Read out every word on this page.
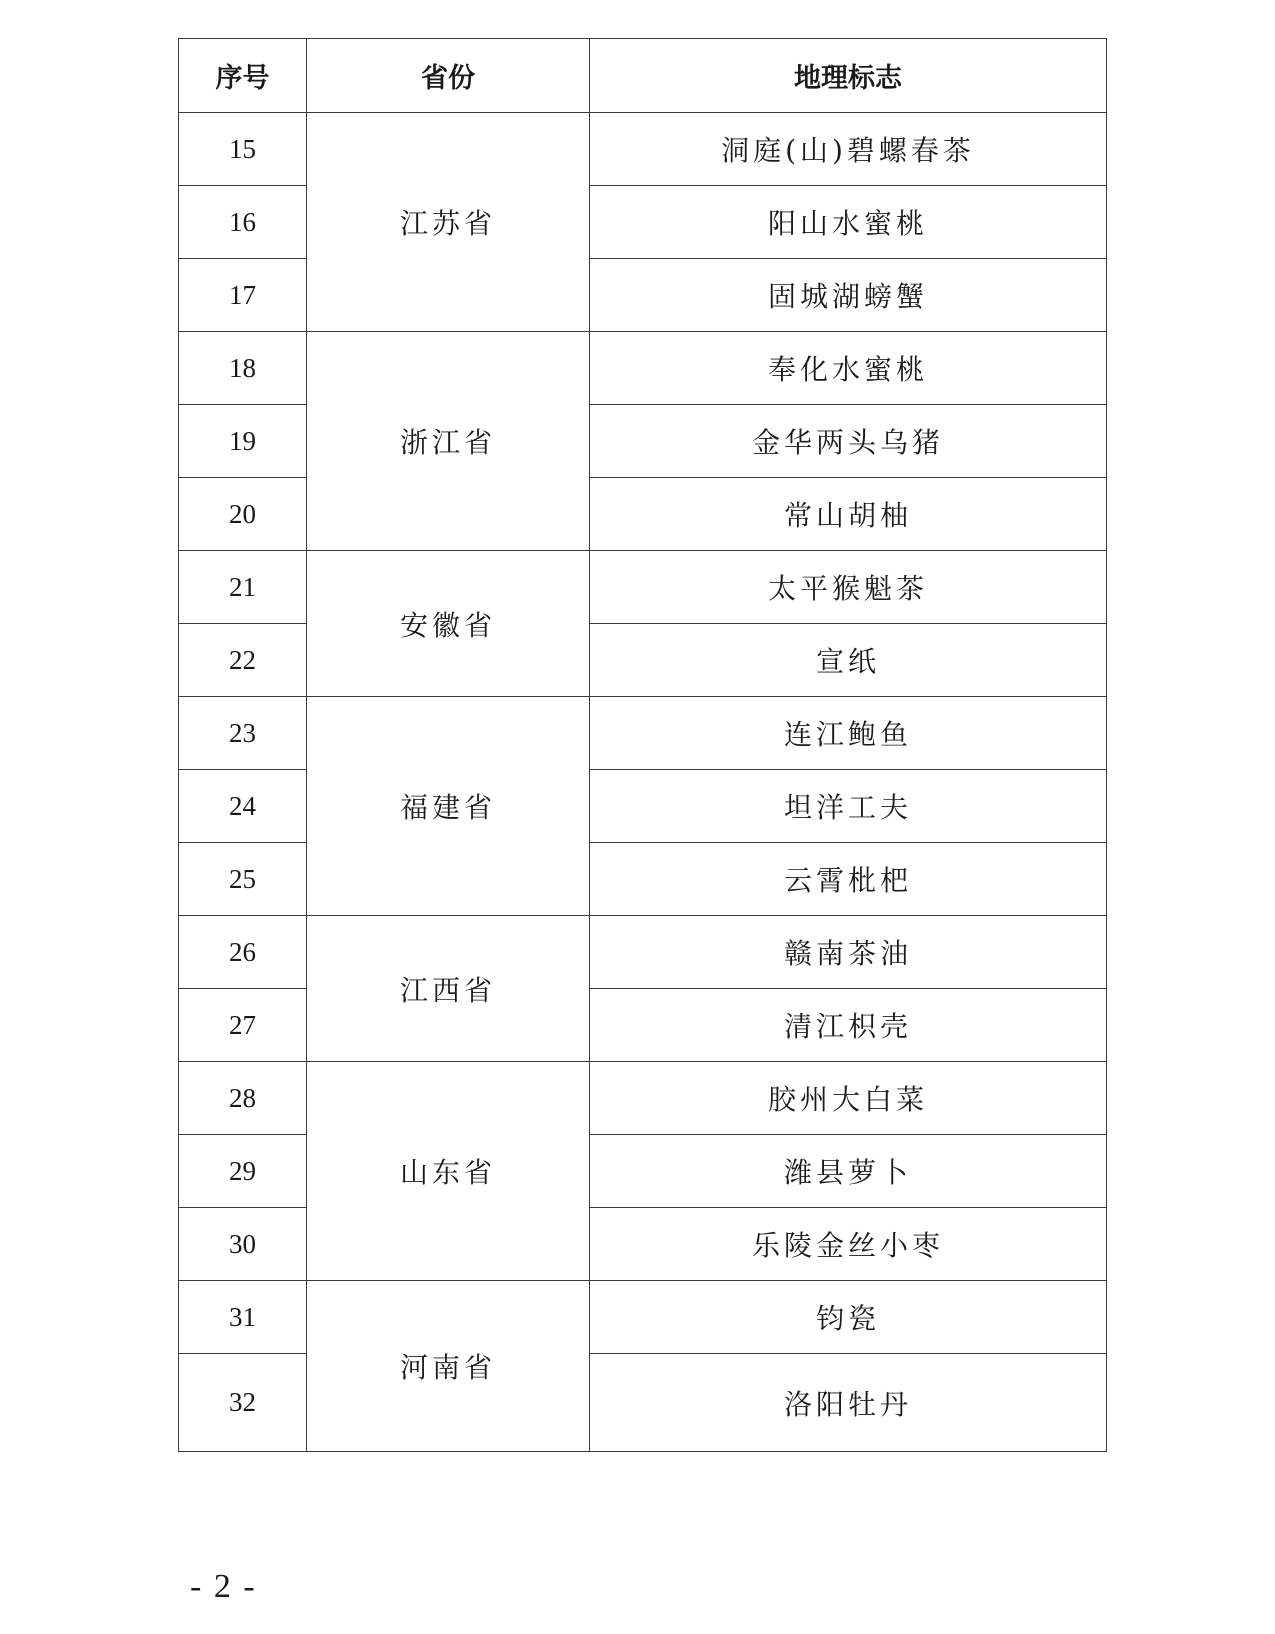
序号	省份	地理标志
15	江苏省	洞庭(山)碧螺春茶
16		阳山水蜜桃
17		固城湖螃蟹
18	浙江省	奉化水蜜桃
19		金华两头乌猪
20		常山胡柚
21	安徽省	太平猴魁茶
22		宣纸
23	福建省	连江鲍鱼
24		坦洋工夫
25		云霄枇杷
26	江西省	赣南茶油
27		清江枳壳
28	山东省	胶州大白菜
29		潍县萝卜
30		乐陵金丝小枣
31	河南省	钧瓷
32		洛阳牡丹
- 2 -
